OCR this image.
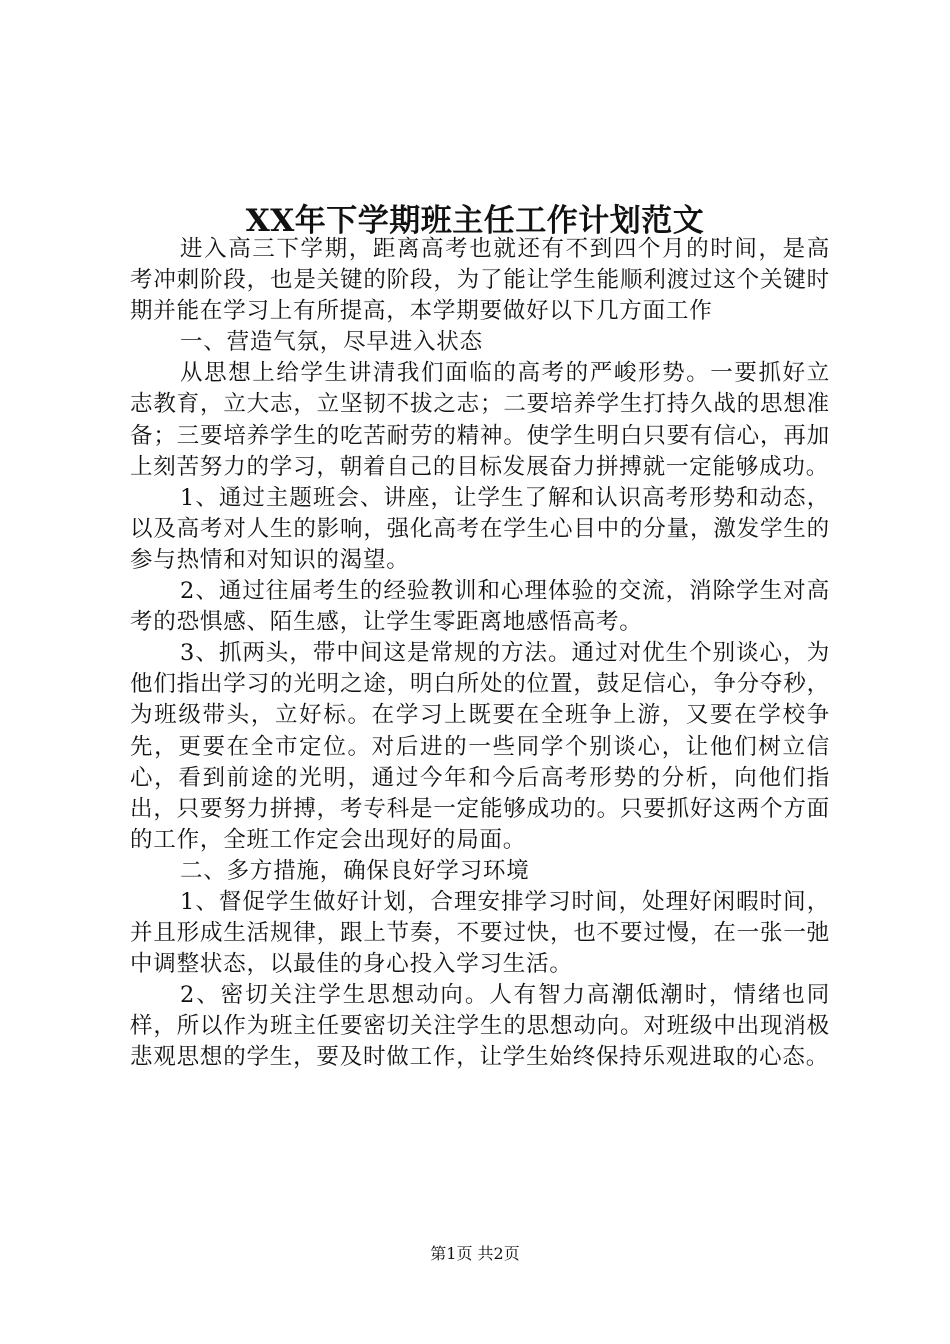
XX年下学期班主任工作计划范文

进入高三下学期，距离高考也就还有不到四个月的时间，是高考冲刺阶段，也是关键的阶段，为了能让学生能顺利渡过这个关键时期并能在学习上有所提高，本学期要做好以下几方面工作

一、营造气氛，尽早进入状态

从思想上给学生讲清我们面临的高考的严峻形势。一要抓好立志教育，立大志，立坚韧不拔之志；二要培养学生打持久战的思想准备；三要培养学生的吃苦耐劳的精神。使学生明白只要有信心，再加上刻苦努力的学习，朝着自己的目标发展奋力拼搏就一定能够成功。

1、通过主题班会、讲座，让学生了解和认识高考形势和动态，以及高考对人生的影响，强化高考在学生心目中的分量，激发学生的参与热情和对知识的渴望。

2、通过往届考生的经验教训和心理体验的交流，消除学生对高考的恐惧感、陌生感，让学生零距离地感悟高考。

3、抓两头，带中间这是常规的方法。通过对优生个别谈心，为他们指出学习的光明之途，明白所处的位置，鼓足信心，争分夺秒，为班级带头，立好标。在学习上既要在全班争上游，又要在学校争先，更要在全市定位。对后进的一些同学个别谈心，让他们树立信心，看到前途的光明，通过今年和今后高考形势的分析，向他们指出，只要努力拼搏，考专科是一定能够成功的。只要抓好这两个方面的工作，全班工作定会出现好的局面。

二、多方措施，确保良好学习环境

1、督促学生做好计划，合理安排学习时间，处理好闲暇时间，并且形成生活规律，跟上节奏，不要过快，也不要过慢，在一张一弛中调整状态，以最佳的身心投入学习生活。

2、密切关注学生思想动向。人有智力高潮低潮时，情绪也同样，所以作为班主任要密切关注学生的思想动向。对班级中出现消极悲观思想的学生，要及时做工作，让学生始终保持乐观进取的心态。

第1页 共2页
